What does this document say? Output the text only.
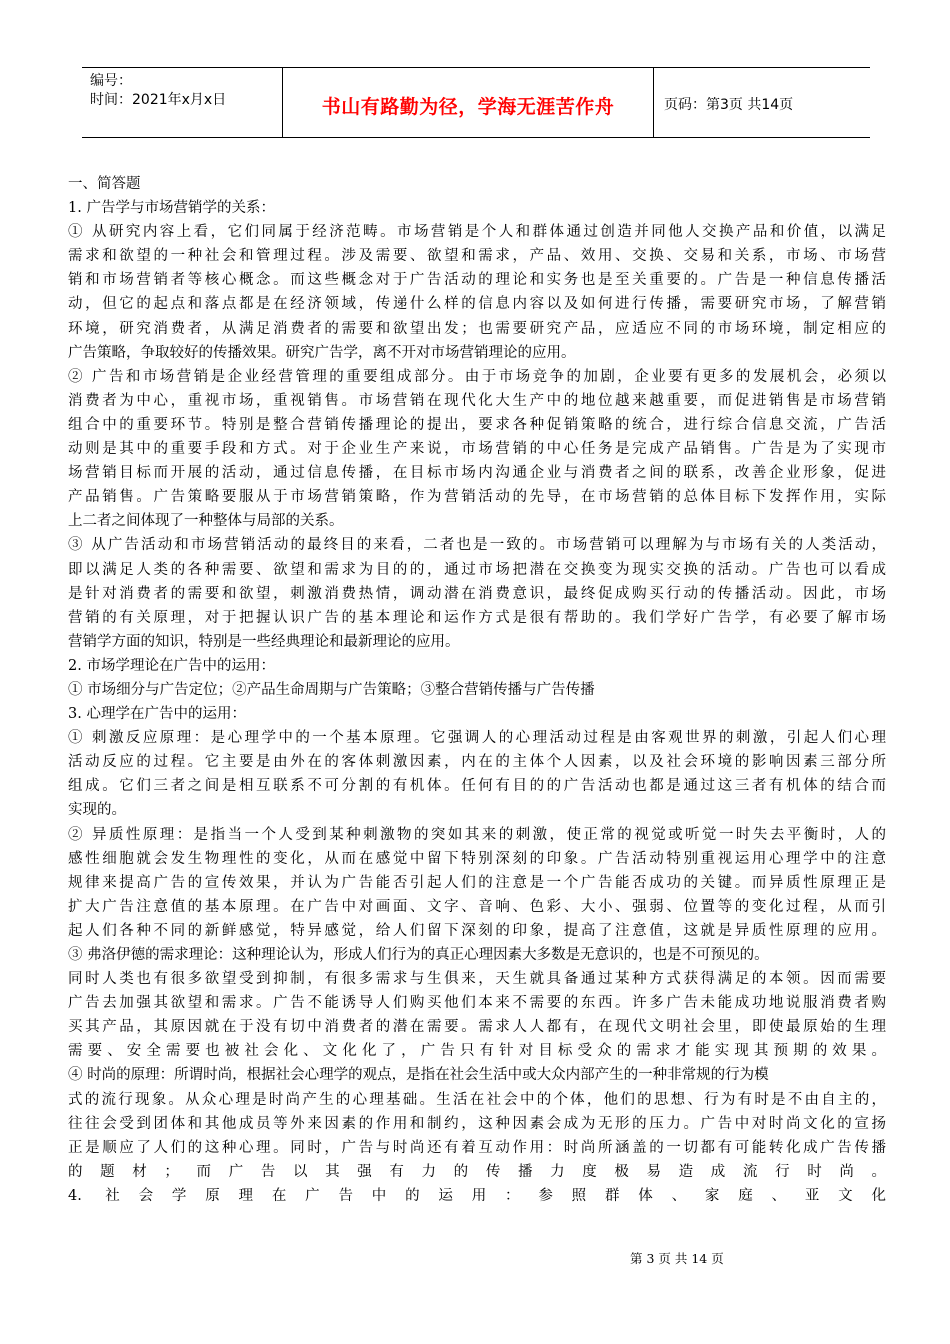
编号：
时间：2021年x月x日	书山有路勤为径，学海无涯苦作舟	页码：第3页 共14页
一、简答题
1. 广告学与市场营销学的关系：
① 从研究内容上看，它们同属于经济范畴。市场营销是个人和群体通过创造并同他人交换产品和价值，以满足
需求和欲望的一种社会和管理过程。涉及需要、欲望和需求，产品、效用、交换、交易和关系，市场、市场营
销和市场营销者等核心概念。而这些概念对于广告活动的理论和实务也是至关重要的。广告是一种信息传播活
动，但它的起点和落点都是在经济领域，传递什么样的信息内容以及如何进行传播，需要研究市场，了解营销
环境，研究消费者，从满足消费者的需要和欲望出发；也需要研究产品，应适应不同的市场环境，制定相应的
广告策略，争取较好的传播效果。研究广告学，离不开对市场营销理论的应用。
② 广告和市场营销是企业经营管理的重要组成部分。由于市场竞争的加剧，企业要有更多的发展机会，必须以
消费者为中心，重视市场，重视销售。市场营销在现代化大生产中的地位越来越重要，而促进销售是市场营销
组合中的重要环节。特别是整合营销传播理论的提出，要求各种促销策略的统合，进行综合信息交流，广告活
动则是其中的重要手段和方式。对于企业生产来说，市场营销的中心任务是完成产品销售。广告是为了实现市
场营销目标而开展的活动，通过信息传播，在目标市场内沟通企业与消费者之间的联系，改善企业形象，促进
产品销售。广告策略要服从于市场营销策略，作为营销活动的先导，在市场营销的总体目标下发挥作用，实际
上二者之间体现了一种整体与局部的关系。
③ 从广告活动和市场营销活动的最终目的来看，二者也是一致的。市场营销可以理解为与市场有关的人类活动，
即以满足人类的各种需要、欲望和需求为目的的，通过市场把潜在交换变为现实交换的活动。广告也可以看成
是针对消费者的需要和欲望，刺激消费热情，调动潜在消费意识，最终促成购买行动的传播活动。因此，市场
营销的有关原理，对于把握认识广告的基本理论和运作方式是很有帮助的。我们学好广告学，有必要了解市场
营销学方面的知识，特别是一些经典理论和最新理论的应用。
2. 市场学理论在广告中的运用：
① 市场细分与广告定位；②产品生命周期与广告策略；③整合营销传播与广告传播
3. 心理学在广告中的运用：
① 刺激反应原理：是心理学中的一个基本原理。它强调人的心理活动过程是由客观世界的刺激，引起人们心理
活动反应的过程。它主要是由外在的客体刺激因素，内在的主体个人因素，以及社会环境的影响因素三部分所
组成。它们三者之间是相互联系不可分割的有机体。任何有目的的广告活动也都是通过这三者有机体的结合而
实现的。
② 异质性原理：是指当一个人受到某种刺激物的突如其来的刺激，使正常的视觉或听觉一时失去平衡时，人的
感性细胞就会发生物理性的变化，从而在感觉中留下特别深刻的印象。广告活动特别重视运用心理学中的注意
规律来提高广告的宣传效果，并认为广告能否引起人们的注意是一个广告能否成功的关键。而异质性原理正是
扩大广告注意值的基本原理。在广告中对画面、文字、音响、色彩、大小、强弱、位置等的变化过程，从而引
起人们各种不同的新鲜感觉，特异感觉，给人们留下深刻的印象，提高了注意值，这就是异质性原理的应用。
③ 弗洛伊德的需求理论：这种理论认为，形成人们行为的真正心理因素大多数是无意识的，也是不可预见的。
同时人类也有很多欲望受到抑制，有很多需求与生俱来，天生就具备通过某种方式获得满足的本领。因而需要
广告去加强其欲望和需求。广告不能诱导人们购买他们本来不需要的东西。许多广告未能成功地说服消费者购
买其产品，其原因就在于没有切中消费者的潜在需要。需求人人都有，在现代文明社会里，即使最原始的生理
需要、安全需要也被社会化、文化化了，广告只有针对目标受众的需求才能实现其预期的效果。
④ 时尚的原理：所谓时尚，根据社会心理学的观点，是指在社会生活中或大众内部产生的一种非常规的行为模
式的流行现象。从众心理是时尚产生的心理基础。生活在社会中的个体，他们的思想、行为有时是不由自主的，
往往会受到团体和其他成员等外来因素的作用和制约，这种因素会成为无形的压力。广告中对时尚文化的宣扬
正是顺应了人们的这种心理。同时，广告与时尚还有着互动作用：时尚所涵盖的一切都有可能转化成广告传播
的题材；而广告以其强有力的传播力度极易造成流行时尚。
4. 社会学原理在广告中的运用：参照群体、家庭、亚文化
第 3 页 共 14 页
